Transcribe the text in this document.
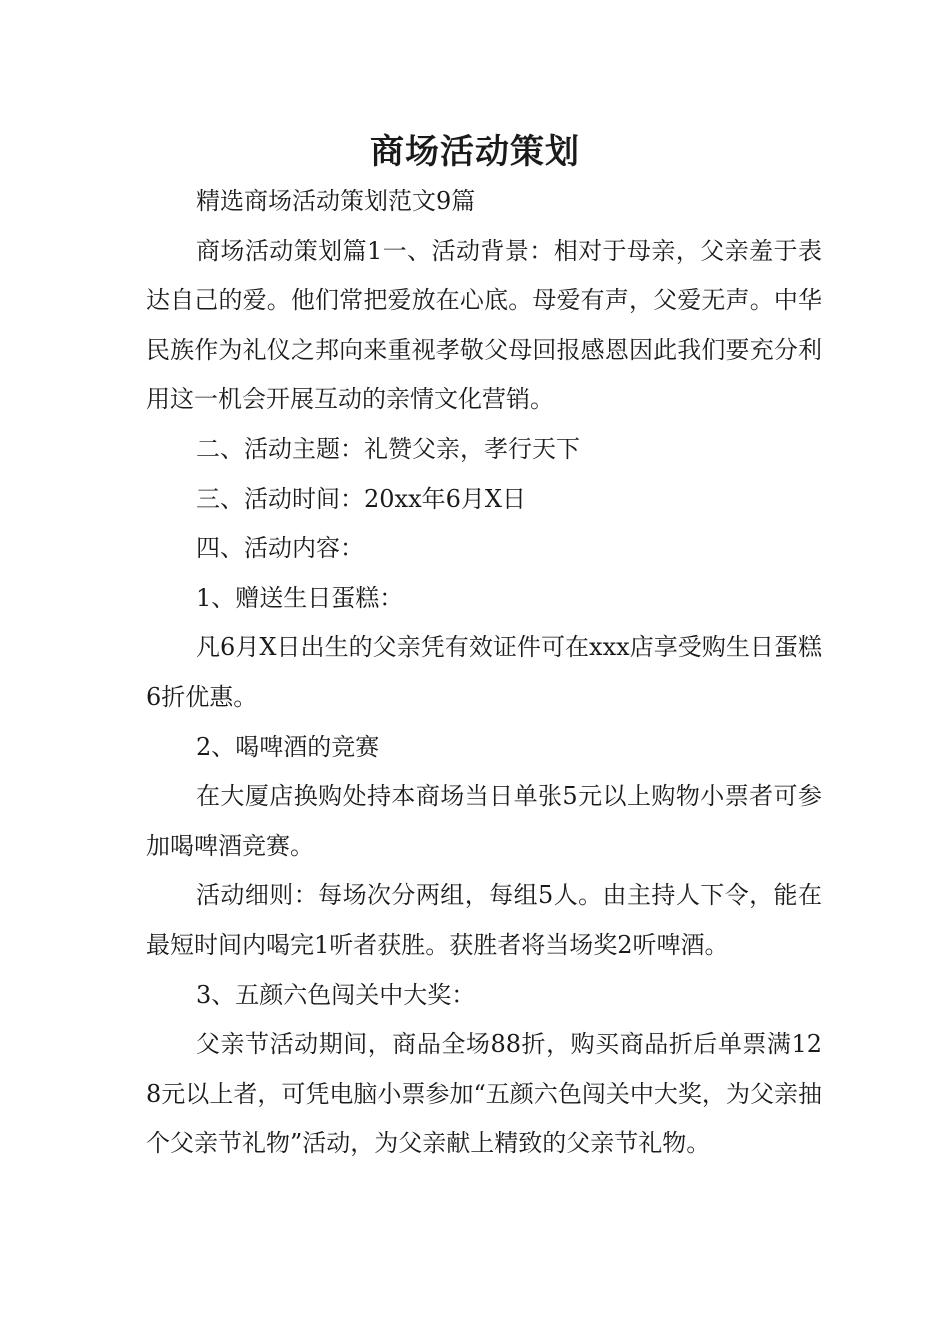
商场活动策划

精选商场活动策划范文9篇

商场活动策划篇1一、活动背景：相对于母亲，父亲羞于表达自己的爱。他们常把爱放在心底。母爱有声，父爱无声。中华民族作为礼仪之邦向来重视孝敬父母回报感恩因此我们要充分利用这一机会开展互动的亲情文化营销。

二、活动主题：礼赞父亲，孝行天下

三、活动时间：20xx年6月X日

四、活动内容：

1、赠送生日蛋糕：

凡6月X日出生的父亲凭有效证件可在xxx店享受购生日蛋糕6折优惠。

2、喝啤酒的竞赛

在大厦店换购处持本商场当日单张5元以上购物小票者可参加喝啤酒竞赛。

活动细则：每场次分两组，每组5人。由主持人下令，能在最短时间内喝完1听者获胜。获胜者将当场奖2听啤酒。

3、五颜六色闯关中大奖：

父亲节活动期间，商品全场88折，购买商品折后单票满128元以上者，可凭电脑小票参加“五颜六色闯关中大奖，为父亲抽个父亲节礼物”活动，为父亲献上精致的父亲节礼物。
